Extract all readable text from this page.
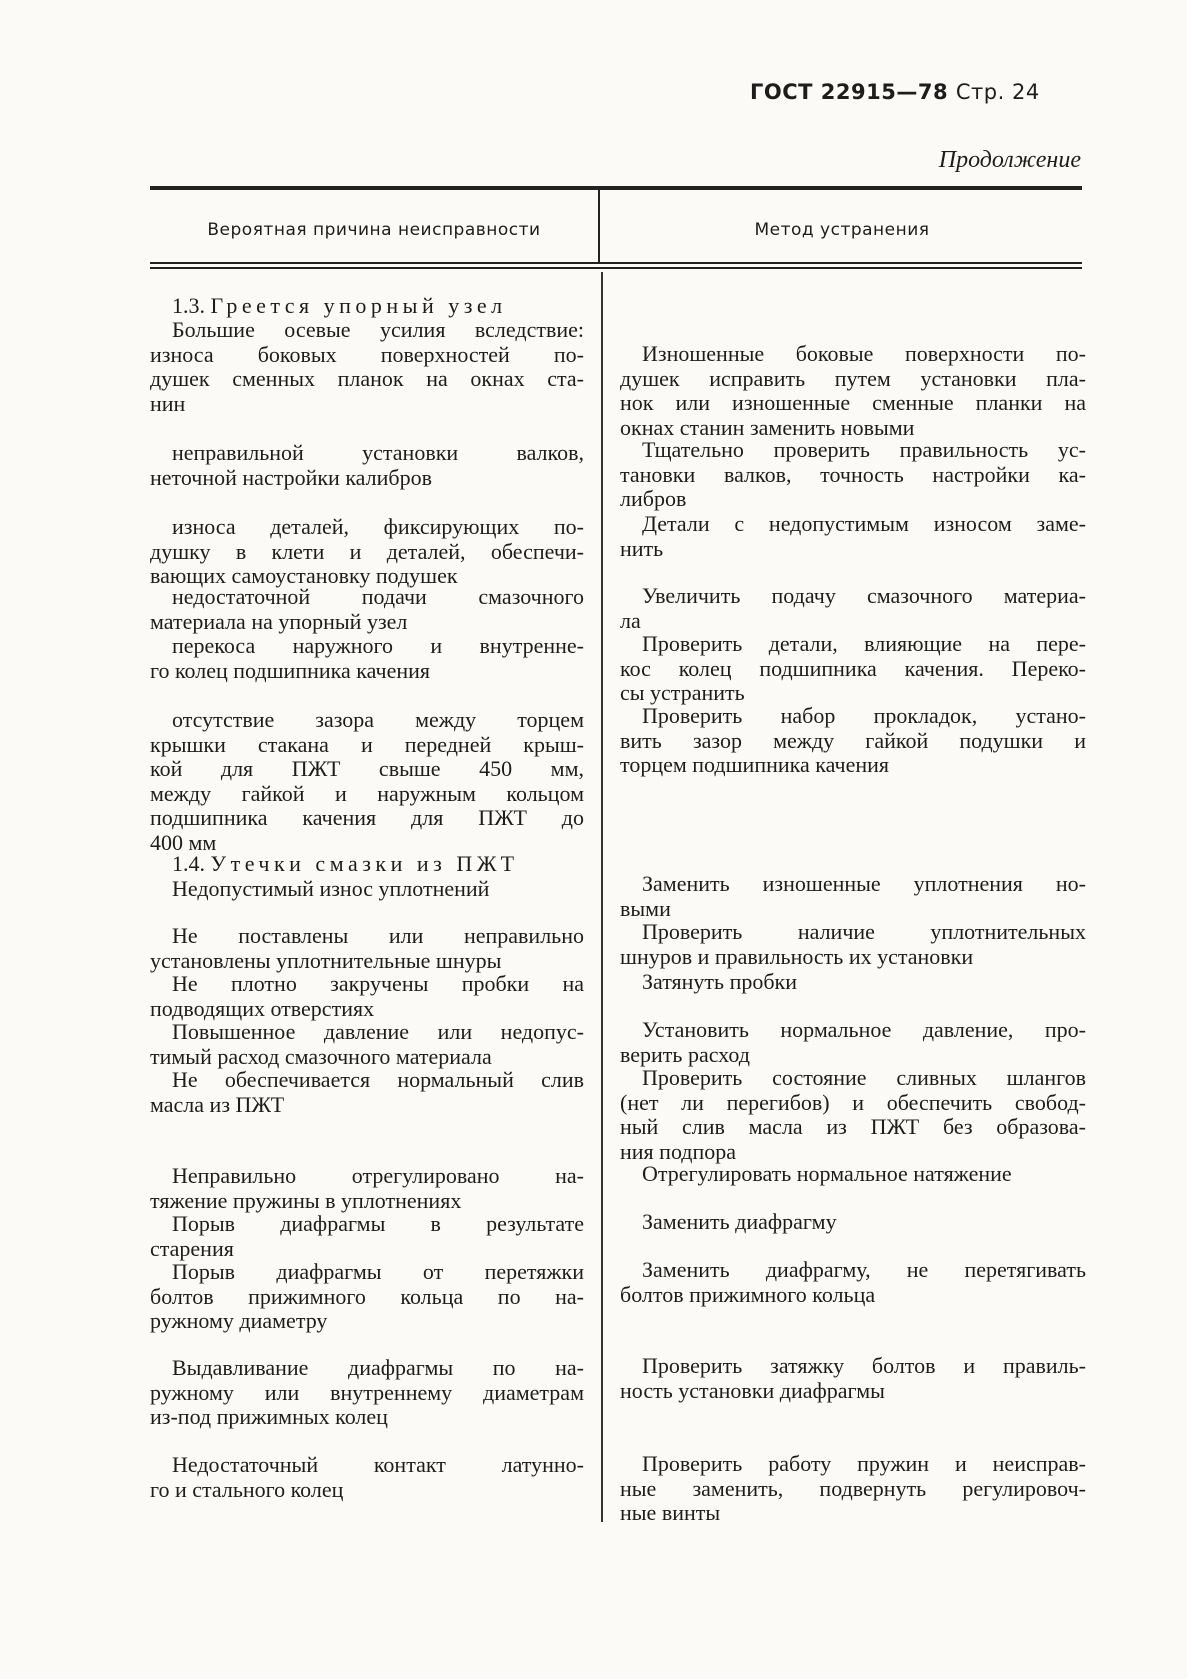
ГОСТ 22915—78 Стр. 24
Продолжение
Вероятная причина неисправности	Метод устранения
1.3. Греется упорный узел
1.4. Утечки смазки из ПЖТ
Большие осевые усилия вследствие:
износа боковых поверхностей по-
душек сменных планок на окнах ста-
нин
Изношенные боковые поверхности по-
душек исправить путем установки пла-
нок или изношенные сменные планки на
окнах станин заменить новыми
неправильной установки валков,
неточной настройки калибров
Тщательно проверить правильность ус-
тановки валков, точность настройки ка-
либров
износа деталей, фиксирующих по-
душку в клети и деталей, обеспечи-
вающих самоустановку подушек
Детали с недопустимым износом заме-
нить
недостаточной подачи смазочного
материала на упорный узел
Увеличить подачу смазочного материа-
ла
перекоса наружного и внутренне-
го колец подшипника качения
Проверить детали, влияющие на пере-
кос колец подшипника качения. Переко-
сы устранить
отсутствие зазора между торцем
крышки стакана и передней крыш-
кой для ПЖТ свыше 450 мм,
между гайкой и наружным кольцом
подшипника качения для ПЖТ до
400 мм
Проверить набор прокладок, устано-
вить зазор между гайкой подушки и
торцем подшипника качения
Недопустимый износ уплотнений	Заменить изношенные уплотнения но-
выми
Не поставлены или неправильно
установлены уплотнительные шнуры
Проверить наличие уплотнительных
шнуров и правильность их установки
Не плотно закручены пробки на
подводящих отверстиях
Затянуть пробки
Повышенное давление или недопус-
тимый расход смазочного материала
Установить нормальное давление, про-
верить расход
Не обеспечивается нормальный слив
масла из ПЖТ
Проверить состояние сливных шлангов
(нет ли перегибов) и обеспечить свобод-
ный слив масла из ПЖТ без образова-
ния подпора
Неправильно отрегулировано на-
тяжение пружины в уплотнениях
Отрегулировать нормальное натяжение
Порыв диафрагмы в результате
старения
Заменить диафрагму
Порыв диафрагмы от перетяжки
болтов прижимного кольца по на-
ружному диаметру
Заменить диафрагму, не перетягивать
болтов прижимного кольца
Выдавливание диафрагмы по на-
ружному или внутреннему диаметрам
из-под прижимных колец
Проверить затяжку болтов и правиль-
ность установки диафрагмы
Недостаточный контакт латунно-
го и стального колец
Проверить работу пружин и неисправ-
ные заменить, подвернуть регулировоч-
ные винты
